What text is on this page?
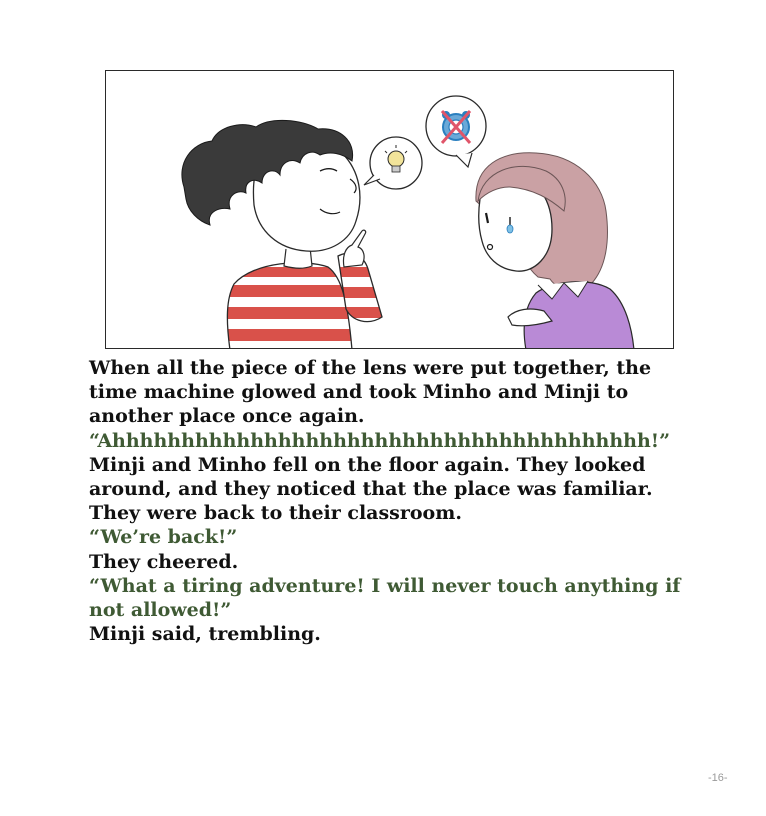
When all the piece of the lens were put together, the time machine glowed and took Minho and Minji to another place once again.

“Ahhhhhhhhhhhhhhhhhhhhhhhhhhhhhhhhhhhhhhh!”

Minji and Minho fell on the floor again. They looked around, and they noticed that the place was familiar. They were back to their classroom.

“We’re back!”

They cheered.

“What a tiring adventure! I will never touch anything if not allowed!”

Minji said, trembling.

-16-
